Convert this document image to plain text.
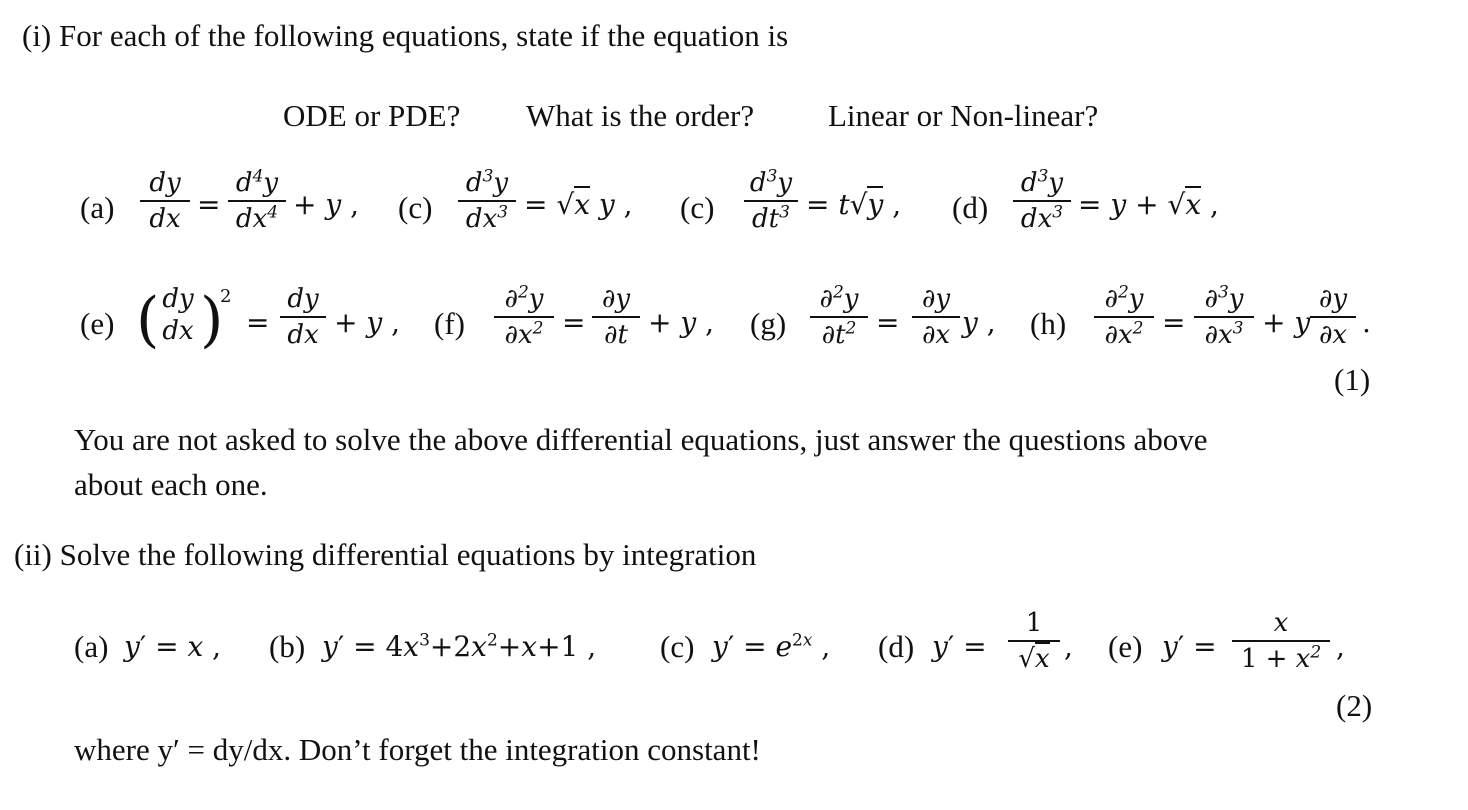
(i) For each of the following equations, state if the equation is
ODE or PDE? What is the order? Linear or Non-linear?
(a)
dy
dx =
$d^4y$
$dx^4 + y$ , (c)
$d^3y$
$dx^3 = √x$ y , (c)
$d^3y$
$dt^3 = t√y$ , (d)
$d^3y$
$dx^3 = y + √x$ ,
(e) ( dy
dx )
2
=
dy
dx + y , (f)
∂$^2$y
$\partial x^2$ =
∂y
∂t + y , (g)
∂$^2$y
$\partial t^2$ =
∂y
∂x y , (h)
∂$^2$y
$\partial x^2$ =
∂$^3$y
$\partial x^3 + y$
∂y
∂x .
(1)
You are not asked to solve the above differential equations, just answer the questions above
about each one.
(ii) Solve the following differential equations by integration
(a) y′ = x , (b) $y' = 4x^3+2x^2+x+1$ , (c) $y' = e^{2x}$ , (d) y′ =
1
√x , (e) y′ =
x
$1 + x^2$ ,
(2)
where y′ = dy/dx. Don’t forget the integration constant!
